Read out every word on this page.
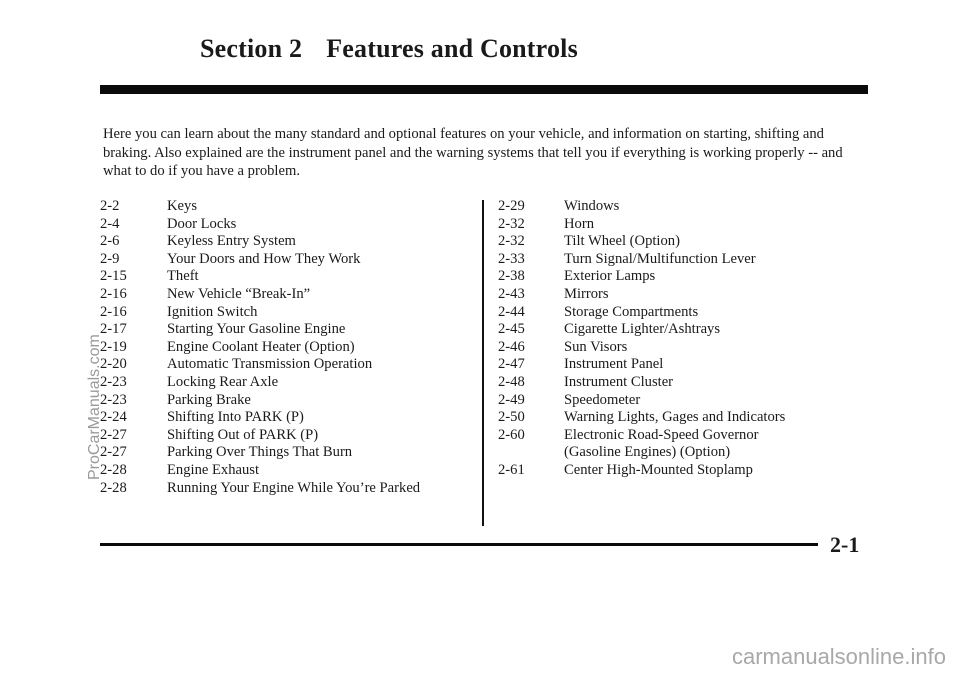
Section 2 Features and Controls
Here you can learn about the many standard and optional features on your vehicle, and information on starting, shifting and braking. Also explained are the instrument panel and the warning systems that tell you if everything is working properly -- and what to do if you have a problem.
2-2	Keys
2-4	Door Locks
2-6	Keyless Entry System
2-9	Your Doors and How They Work
2-15	Theft
2-16	New Vehicle “Break-In”
2-16	Ignition Switch
2-17	Starting Your Gasoline Engine
2-19	Engine Coolant Heater (Option)
2-20	Automatic Transmission Operation
2-23	Locking Rear Axle
2-23	Parking Brake
2-24	Shifting Into PARK (P)
2-27	Shifting Out of PARK (P)
2-27	Parking Over Things That Burn
2-28	Engine Exhaust
2-28	Running Your Engine While You’re Parked
2-29	Windows
2-32	Horn
2-32	Tilt Wheel (Option)
2-33	Turn Signal/Multifunction Lever
2-38	Exterior Lamps
2-43	Mirrors
2-44	Storage Compartments
2-45	Cigarette Lighter/Ashtrays
2-46	Sun Visors
2-47	Instrument Panel
2-48	Instrument Cluster
2-49	Speedometer
2-50	Warning Lights, Gages and Indicators
2-60	Electronic Road-Speed Governor
(Gasoline Engines) (Option)
2-61	Center High-Mounted Stoplamp
2-1
ProCarManuals.com
carmanualsonline.info
